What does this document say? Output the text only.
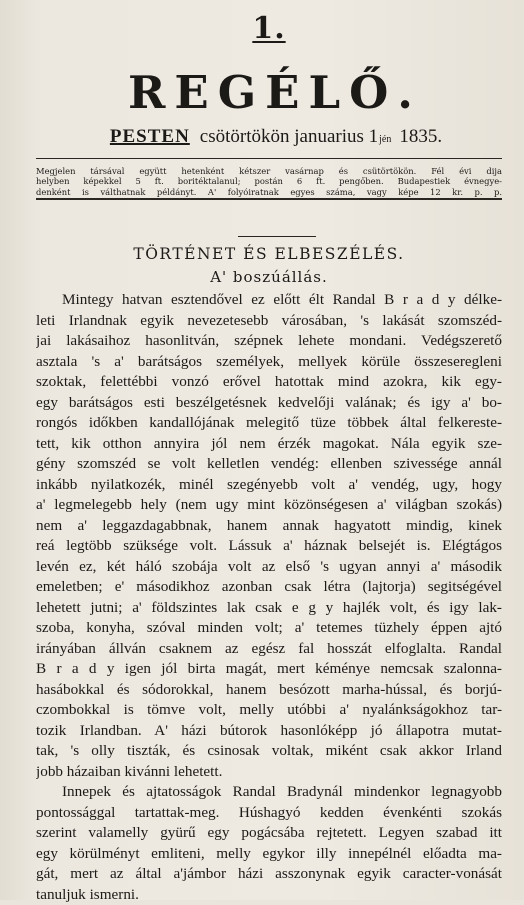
1.
REGÉLŐ.
PESTEN csötörtökön januarius 1 jén 1835.
Megjelen társával együtt hetenként kétszer vasárnap és csütörtökön. Fél évi dija
helyben képekkel 5 ft. boritéktalanul; postán 6 ft. pengőben. Budapestiek évnegye-
denként is válthatnak példányt. A' folyóiratnak egyes száma, vagy képe 12 kr. p. p.
TÖRTÉNET ÉS ELBESZÉLÉS.
A' boszúállás.
Mintegy hatvan esztendővel ez előtt élt Randal B r a d y délke-
leti Irlandnak egyik nevezetesebb városában, 's lakását szomszéd-
jai lakásaihoz hasonlitván, szépnek lehete mondani. Vedégszerető
asztala 's a' barátságos személyek, mellyek körüle összeseregleni
szoktak, felettébbi vonzó erővel hatottak mind azokra, kik egy-
egy barátságos esti beszélgetésnek kedvelőji valának; és igy a' bo-
rongós időkben kandallójának melegitő tüze többek által felkereste-
tett, kik otthon annyira jól nem érzék magokat. Nála egyik sze-
gény szomszéd se volt kelletlen vendég: ellenben szivessége annál
inkább nyilatkozék, minél szegényebb volt a' vendég, ugy, hogy
a' legmelegebb hely (nem ugy mint közönségesen a' világban szokás)
nem a' leggazdagabbnak, hanem annak hagyatott mindig, kinek
reá legtöbb szüksége volt. Lássuk a' háznak belsejét is. Elégtágos
levén ez, két háló szobája volt az első 's ugyan annyi a' második
emeletben; e' másodikhoz azonban csak létra (lajtorja) segitségével
lehetett jutni; a' földszintes lak csak e g y hajlék volt, és igy lak-
szoba, konyha, szóval minden volt; a' tetemes tüzhely éppen ajtó
irányában állván csaknem az egész fal hosszát elfoglalta. Randal
B r a d y igen jól birta magát, mert kéménye nemcsak szalonna-
hasábokkal és sódorokkal, hanem besózott marha-hússal, és borjú-
czombokkal is tömve volt, melly utóbbi a' nyalánkságokhoz tar-
tozik Irlandban. A' házi bútorok hasonlóképp jó állapotra mutat-
tak, 's olly tiszták, és csinosak voltak, miként csak akkor Irland
jobb házaiban kivánni lehetett.
Innepek és ajtatosságok Randal Bradynál mindenkor legnagyobb
pontossággal tartattak-meg. Húshagyó kedden évenkénti szokás
szerint valamelly gyürű egy pogácsába rejtetett. Legyen szabad itt
egy körülményt emliteni, melly egykor illy innepélnél előadta ma-
gát, mert az által a'jámbor házi asszonynak egyik caracter-vonását
tanuljuk ismerni.
